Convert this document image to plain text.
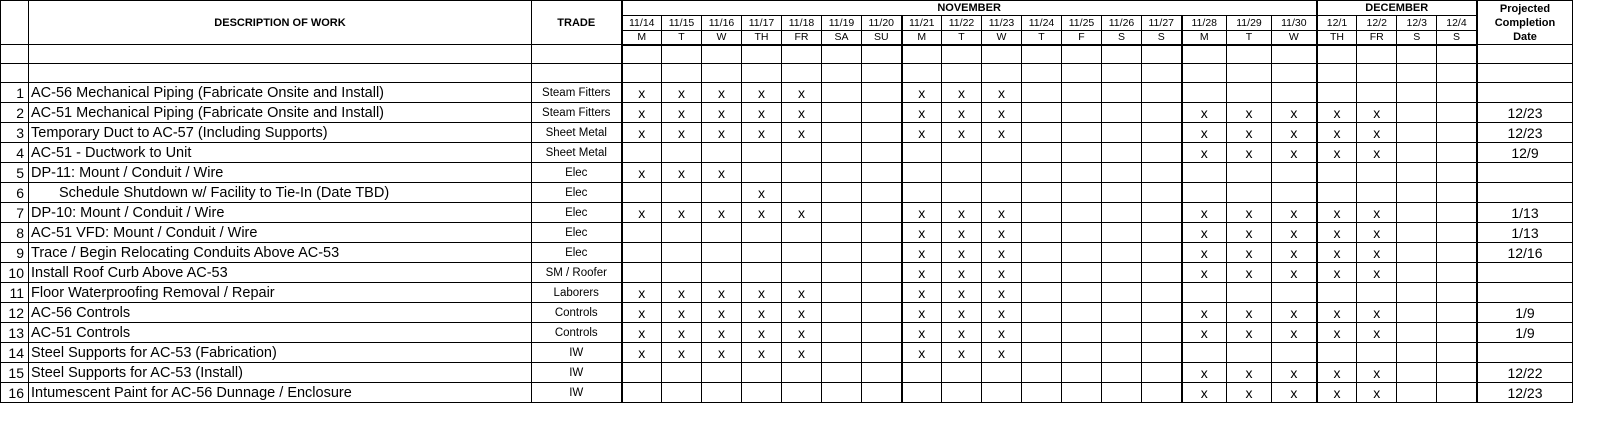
	DESCRIPTION OF WORK	TRADE	NOVEMBER																	DECEMBER				Projected
Completion
Date
			11/14	11/15	11/16	11/17	11/18	11/19	11/20	11/21	11/22	11/23	11/24	11/25	11/26	11/27	11/28	11/29	11/30	12/1	12/2	12/3	12/4	
			M	T	W	TH	FR	SA	SU	M	T	W	T	F	S	S	M	T	W	TH	FR	S	S	

1	AC-56 Mechanical Piping (Fabricate Onsite and Install)	Steam Fitters	x	x	x	x	x			x	x	x												
2	AC-51 Mechanical Piping (Fabricate Onsite and Install)	Steam Fitters	x	x	x	x	x			x	x	x					x	x	x	x	x			12/23
3	Temporary Duct to AC-57 (Including Supports)	Sheet Metal	x	x	x	x	x			x	x	x					x	x	x	x	x			12/23
4	AC-51 - Ductwork to Unit	Sheet Metal															x	x	x	x	x			12/9
5	DP-11: Mount / Conduit / Wire	Elec	x	x	x																			
6	Schedule Shutdown w/ Facility to Tie-In (Date TBD)	Elec				x																		
7	DP-10: Mount / Conduit / Wire	Elec	x	x	x	x	x			x	x	x					x	x	x	x	x			1/13
8	AC-51 VFD: Mount / Conduit / Wire	Elec								x	x	x					x	x	x	x	x			1/13
9	Trace / Begin Relocating Conduits Above AC-53	Elec								x	x	x					x	x	x	x	x			12/16
10	Install Roof Curb Above AC-53	SM / Roofer								x	x	x					x	x	x	x	x			
11	Floor Waterproofing Removal / Repair	Laborers	x	x	x	x	x			x	x	x												
12	AC-56 Controls	Controls	x	x	x	x	x			x	x	x					x	x	x	x	x			1/9
13	AC-51 Controls	Controls	x	x	x	x	x			x	x	x					x	x	x	x	x			1/9
14	Steel Supports for AC-53 (Fabrication)	IW	x	x	x	x	x			x	x	x												
15	Steel Supports for AC-53 (Install)	IW															x	x	x	x	x			12/22
16	Intumescent Paint for AC-56 Dunnage / Enclosure	IW															x	x	x	x	x			12/23
